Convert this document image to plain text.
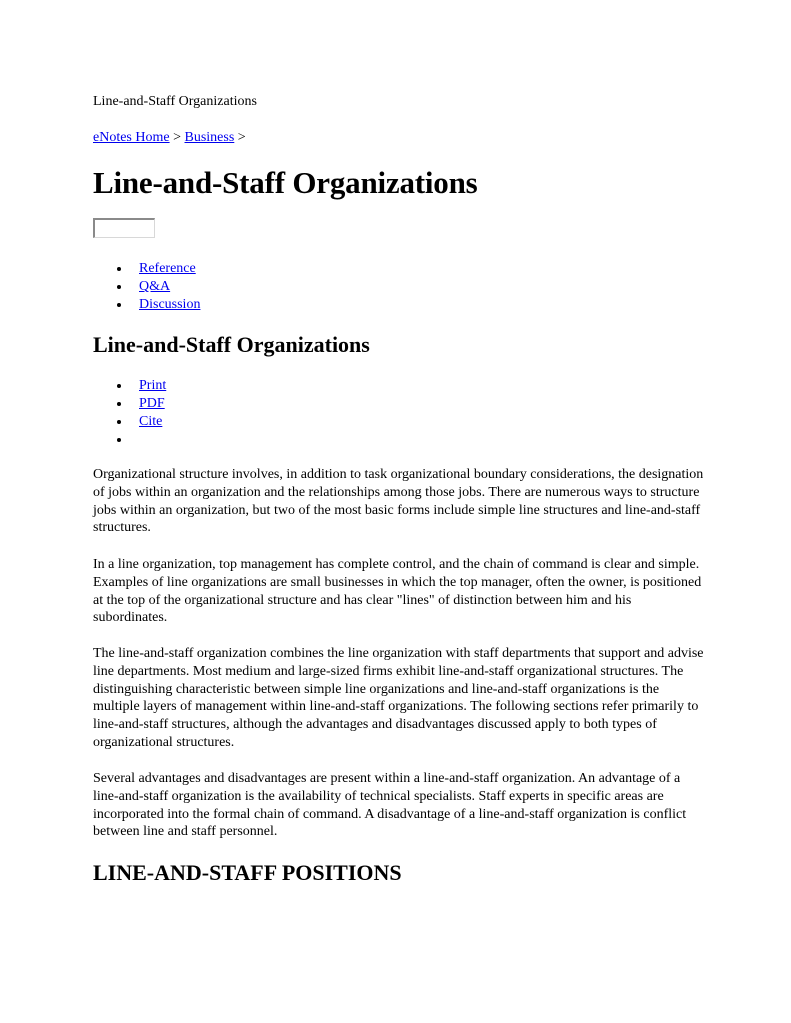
Line-and-Staff Organizations
eNotes Home > Business >
Line-and-Staff Organizations
Reference
Q&A
Discussion
Line-and-Staff Organizations
Print
PDF
Cite

Organizational structure involves, in addition to task organizational boundary considerations, the designation of jobs within an organization and the relationships among those jobs. There are numerous ways to structure jobs within an organization, but two of the most basic forms include simple line structures and line-and-staff structures.

In a line organization, top management has complete control, and the chain of command is clear and simple. Examples of line organizations are small businesses in which the top manager, often the owner, is positioned at the top of the organizational structure and has clear "lines" of distinction between him and his subordinates.

The line-and-staff organization combines the line organization with staff departments that support and advise line departments. Most medium and large-sized firms exhibit line-and-staff organizational structures. The distinguishing characteristic between simple line organizations and line-and-staff organizations is the multiple layers of management within line-and-staff organizations. The following sections refer primarily to line-and-staff structures, although the advantages and disadvantages discussed apply to both types of organizational structures.

Several advantages and disadvantages are present within a line-and-staff organization. An advantage of a line-and-staff organization is the availability of technical specialists. Staff experts in specific areas are incorporated into the formal chain of command. A disadvantage of a line-and-staff organization is conflict between line and staff personnel.

LINE-AND-STAFF POSITIONS
